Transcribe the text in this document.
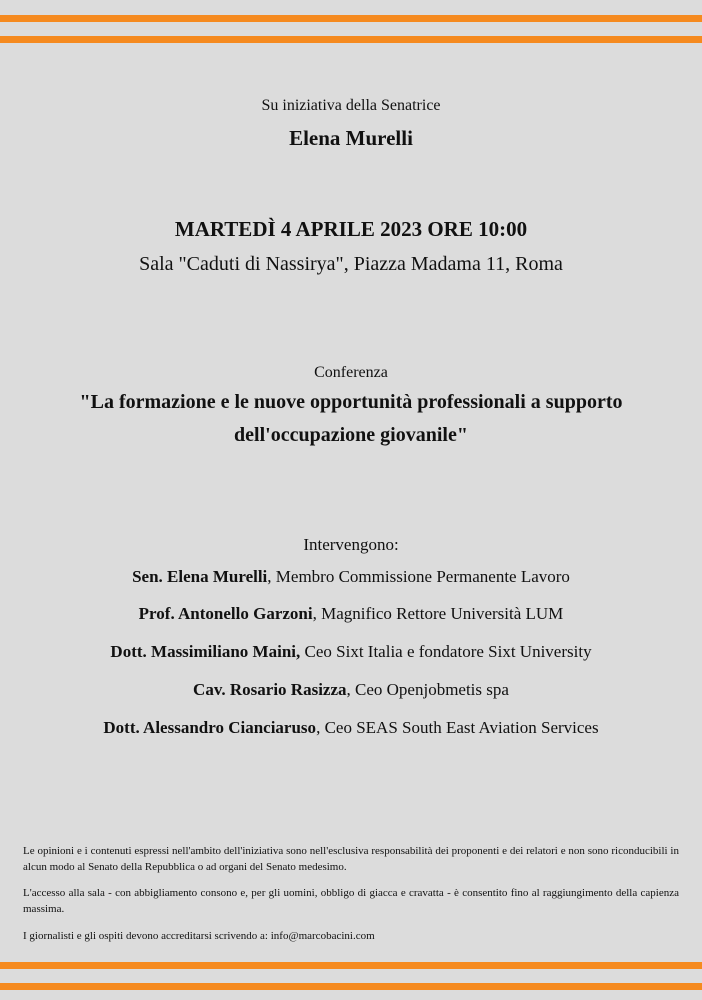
Su iniziativa della Senatrice

Elena Murelli

MARTEDÌ 4 APRILE 2023 ORE 10:00

Sala "Caduti di Nassirya", Piazza Madama 11, Roma

Conferenza

"La formazione e le nuove opportunità professionali a supporto dell'occupazione giovanile"

Intervengono:

Sen. Elena Murelli, Membro Commissione Permanente Lavoro

Prof. Antonello Garzoni, Magnifico Rettore Università LUM

Dott. Massimiliano Maini, Ceo Sixt Italia e fondatore Sixt University

Cav. Rosario Rasizza, Ceo Openjobmetis spa

Dott. Alessandro Cianciaruso, Ceo SEAS South East Aviation Services

Le opinioni e i contenuti espressi nell'ambito dell'iniziativa sono nell'esclusiva responsabilità dei proponenti e dei relatori e non sono riconducibili in alcun modo al Senato della Repubblica o ad organi del Senato medesimo.

L'accesso alla sala - con abbigliamento consono e, per gli uomini, obbligo di giacca e cravatta - è consentito fino al raggiungimento della capienza massima.

I giornalisti e gli ospiti devono accreditarsi scrivendo a: info@marcobacini.com
